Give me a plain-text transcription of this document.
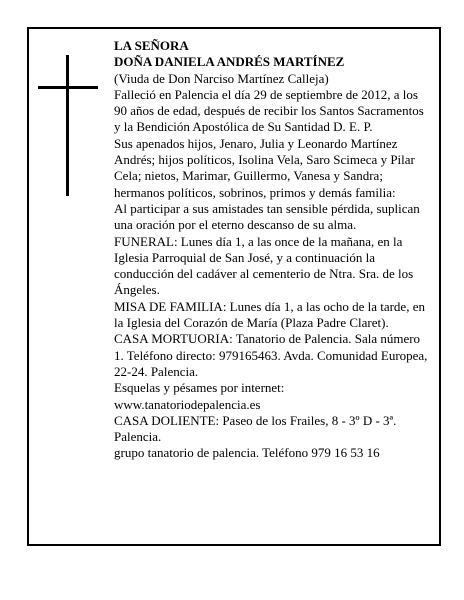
LA SEÑORA

DOÑA DANIELA ANDRÉS MARTÍNEZ

(Viuda de Don Narciso Martínez Calleja)

Falleció en Palencia el día 29 de septiembre de 2012, a los 90 años de edad, después de recibir los Santos Sacramentos y la Bendición Apostólica de Su Santidad D. E. P.

Sus apenados hijos, Jenaro, Julia y Leonardo Martínez Andrés; hijos políticos, Isolina Vela, Saro Scimeca y Pilar Cela; nietos, Marimar, Guillermo, Vanesa y Sandra; hermanos políticos, sobrinos, primos y demás familia:

Al participar a sus amistades tan sensible pérdida, suplican una oración por el eterno descanso de su alma.

FUNERAL: Lunes día 1, a las once de la mañana, en la Iglesia Parroquial de San José, y a continuación la conducción del cadáver al cementerio de Ntra. Sra. de los Ángeles.

MISA DE FAMILIA: Lunes día 1, a las ocho de la tarde, en la Iglesia del Corazón de María (Plaza Padre Claret).

CASA MORTUORIA: Tanatorio de Palencia. Sala número 1. Teléfono directo: 979165463. Avda. Comunidad Europea, 22-24. Palencia.

Esquelas y pésames por internet:

www.tanatoriodepalencia.es

CASA DOLIENTE: Paseo de los Frailes, 8 - 3º D - 3ª. Palencia.

grupo tanatorio de palencia. Teléfono 979 16 53 16
